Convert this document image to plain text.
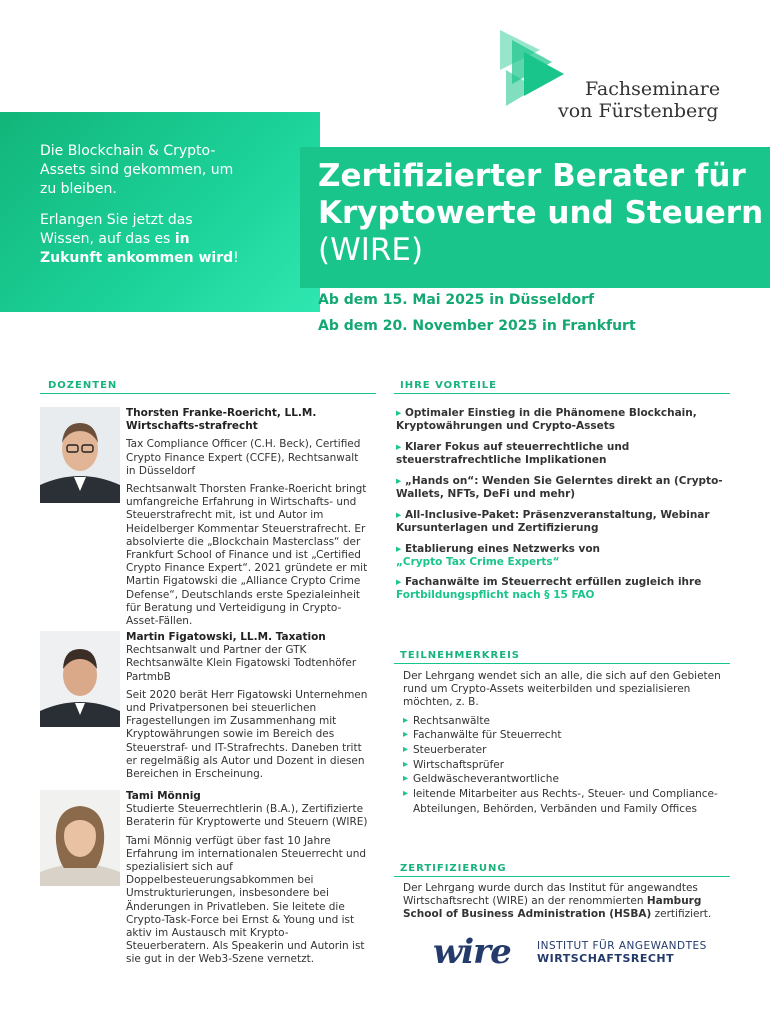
Fachseminare
von Fürstenberg

Die Blockchain & Crypto-Assets sind gekommen, um zu bleiben.

Erlangen Sie jetzt das Wissen, auf das es in Zukunft ankommen wird!

Zertifizierter Berater für
Kryptowerte und Steuern
(WIRE)
Ab dem 15. Mai 2025 in Düsseldorf
Ab dem 20. November 2025 in Frankfurt
DOZENTEN

Thorsten Franke-Roericht, LL.M. Wirtschafts-strafrecht

Tax Compliance Officer (C.H. Beck), Certified Crypto Finance Expert (CCFE), Rechtsanwalt in Düsseldorf

Rechtsanwalt Thorsten Franke-Roericht bringt umfangreiche Erfahrung in Wirtschafts- und Steuerstrafrecht mit, ist und Autor im Heidelberger Kommentar Steuerstrafrecht. Er absolvierte die „Blockchain Masterclass“ der Frankfurt School of Finance und ist „Certified Crypto Finance Expert“. 2021 gründete er mit Martin Figatowski die „Alliance Crypto Crime Defense“, Deutschlands erste Spezialeinheit für Beratung und Verteidigung in Crypto-Asset-Fällen.

Martin Figatowski, LL.M. Taxation

Rechtsanwalt und Partner der GTK Rechtsanwälte Klein Figatowski Todtenhöfer PartmbB

Seit 2020 berät Herr Figatowski Unternehmen und Privatpersonen bei steuerlichen Fragestellungen im Zusammenhang mit Kryptowährungen sowie im Bereich des Steuerstraf- und IT-Strafrechts. Daneben tritt er regelmäßig als Autor und Dozent in diesen Bereichen in Erscheinung.

Tami Mönnig

Studierte Steuerrechtlerin (B.A.), Zertifizierte Beraterin für Kryptowerte und Steuern (WIRE)

Tami Mönnig verfügt über fast 10 Jahre Erfahrung im internationalen Steuerrecht und spezialisiert sich auf Doppelbesteuerungsabkommen bei Umstrukturierungen, insbesondere bei Änderungen in Privatleben. Sie leitete die Crypto-Task-Force bei Ernst & Young und ist aktiv im Austausch mit Krypto-Steuerberatern. Als Speakerin und Autorin ist sie gut in der Web3-Szene vernetzt.

IHRE VORTEILE
▸ Optimaler Einstieg in die Phänomene Blockchain, Kryptowährungen und Crypto-Assets
▸ Klarer Fokus auf steuerrechtliche und steuerstrafrechtliche Implikationen
▸ „Hands on“: Wenden Sie Gelerntes direkt an (Crypto-Wallets, NFTs, DeFi und mehr)
▸ All-Inclusive-Paket: Präsenzveranstaltung, Webinar Kursunterlagen und Zertifizierung
▸ Etablierung eines Netzwerks von
„Crypto Tax Crime Experts“
▸ Fachanwälte im Steuerrecht erfüllen zugleich ihre
Fortbildungspflicht nach § 15 FAO
TEILNEHMERKREIS
Der Lehrgang wendet sich an alle, die sich auf den Gebieten rund um Crypto-Assets weiterbilden und spezialisieren möchten, z. B.
▸ Rechtsanwälte
▸ Fachanwälte für Steuerrecht
▸ Steuerberater
▸ Wirtschaftsprüfer
▸ Geldwäscheverantwortliche
▸ leitende Mitarbeiter aus Rechts-, Steuer- und Compliance-Abteilungen, Behörden, Verbänden und Family Offices
ZERTIFIZIERUNG
Der Lehrgang wurde durch das Institut für angewandtes Wirtschaftsrecht (WIRE) an der renommierten Hamburg School of Business Administration (HSBA) zertifiziert.
wire	INSTITUT FÜR ANGEWANDTES
WIRTSCHAFTSRECHT
